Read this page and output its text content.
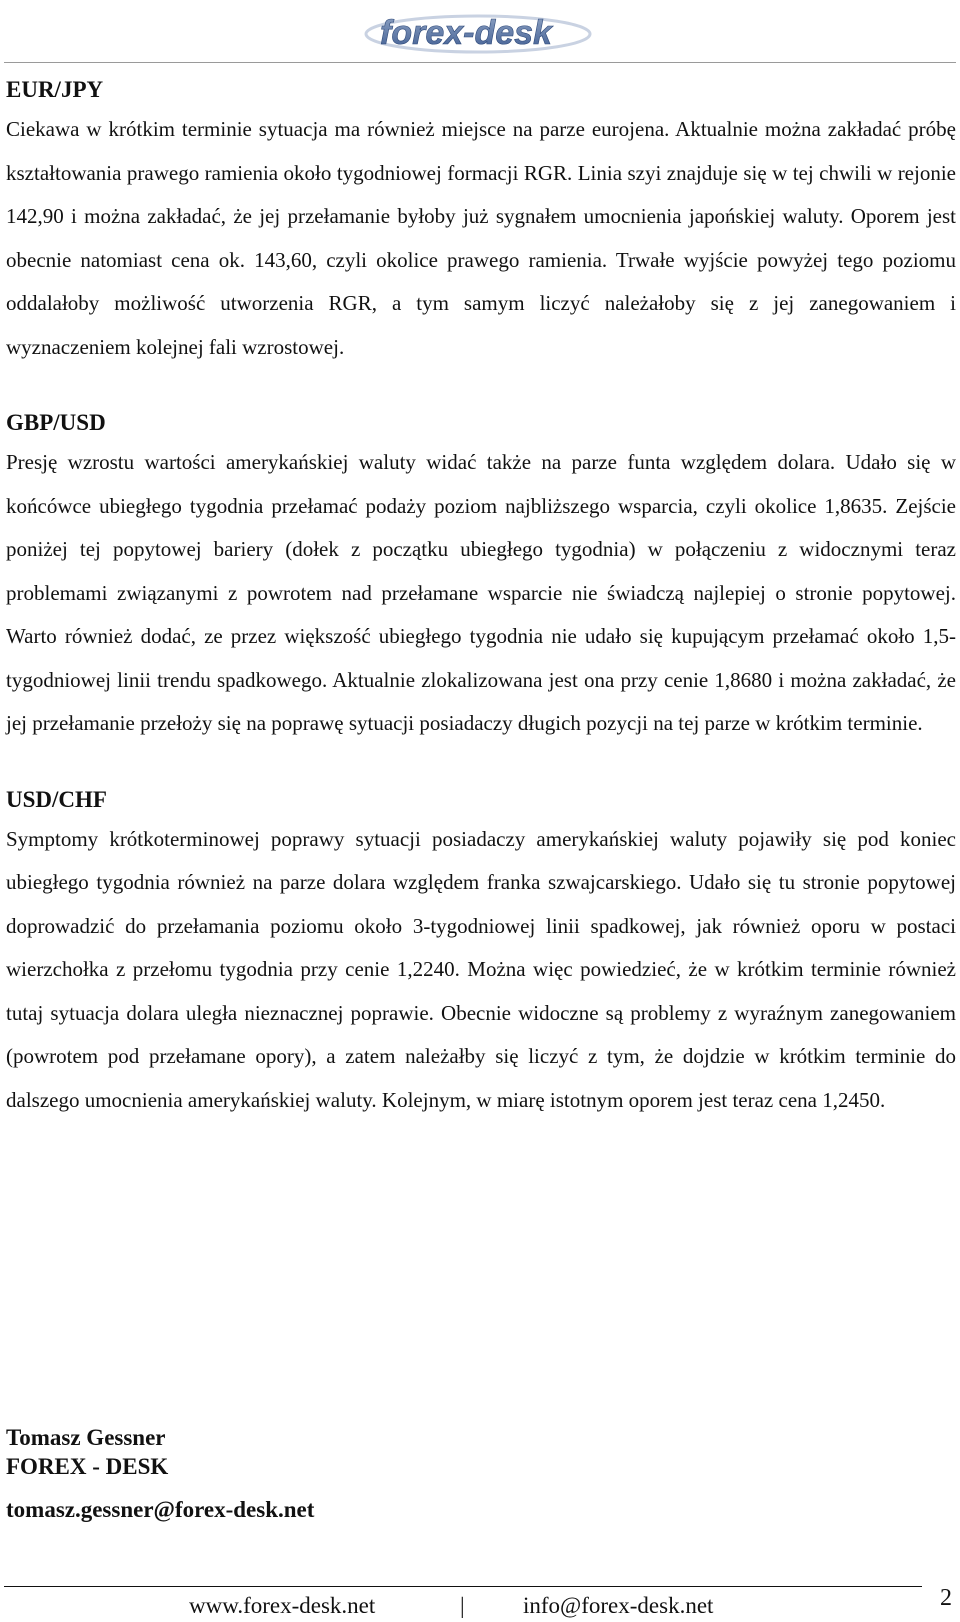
forex-desk

EUR/JPY

Ciekawa w krótkim terminie sytuacja ma również miejsce na parze eurojena. Aktualnie można zakładać próbę kształtowania prawego ramienia około tygodniowej formacji RGR. Linia szyi znajduje się w tej chwili w rejonie 142,90 i można zakładać, że jej przełamanie byłoby już sygnałem umocnienia japońskiej waluty. Oporem jest obecnie natomiast cena ok. 143,60, czyli okolice prawego ramienia. Trwałe wyjście powyżej tego poziomu oddalałoby możliwość utworzenia RGR, a tym samym liczyć należałoby się z jej zanegowaniem i wyznaczeniem kolejnej fali wzrostowej.

GBP/USD

Presję wzrostu wartości amerykańskiej waluty widać także na parze funta względem dolara. Udało się w końcówce ubiegłego tygodnia przełamać podaży poziom najbliższego wsparcia, czyli okolice 1,8635. Zejście poniżej tej popytowej bariery (dołek z początku ubiegłego tygodnia) w połączeniu z widocznymi teraz problemami związanymi z powrotem nad przełamane wsparcie nie świadczą najlepiej o stronie popytowej. Warto również dodać, ze przez większość ubiegłego tygodnia nie udało się kupującym przełamać około 1,5-tygodniowej linii trendu spadkowego. Aktualnie zlokalizowana jest ona przy cenie 1,8680 i można zakładać, że jej przełamanie przełoży się na poprawę sytuacji posiadaczy długich pozycji na tej parze w krótkim terminie.

USD/CHF

Symptomy krótkoterminowej poprawy sytuacji posiadaczy amerykańskiej waluty pojawiły się pod koniec ubiegłego tygodnia również na parze dolara względem franka szwajcarskiego. Udało się tu stronie popytowej doprowadzić do przełamania poziomu około 3-tygodniowej linii spadkowej, jak również oporu w postaci wierzchołka z przełomu tygodnia przy cenie 1,2240. Można więc powiedzieć, że w krótkim terminie również tutaj sytuacja dolara uległa nieznacznej poprawie. Obecnie widoczne są problemy z wyraźnym zanegowaniem (powrotem pod przełamane opory), a zatem należałby się liczyć z tym, że dojdzie w krótkim terminie do dalszego umocnienia amerykańskiej waluty. Kolejnym, w miarę istotnym oporem jest teraz cena 1,2450.

Tomasz Gessner
FOREX - DESK
tomasz.gessner@forex-desk.net
www.forex-desk.net	|	info@forex-desk.net	2
